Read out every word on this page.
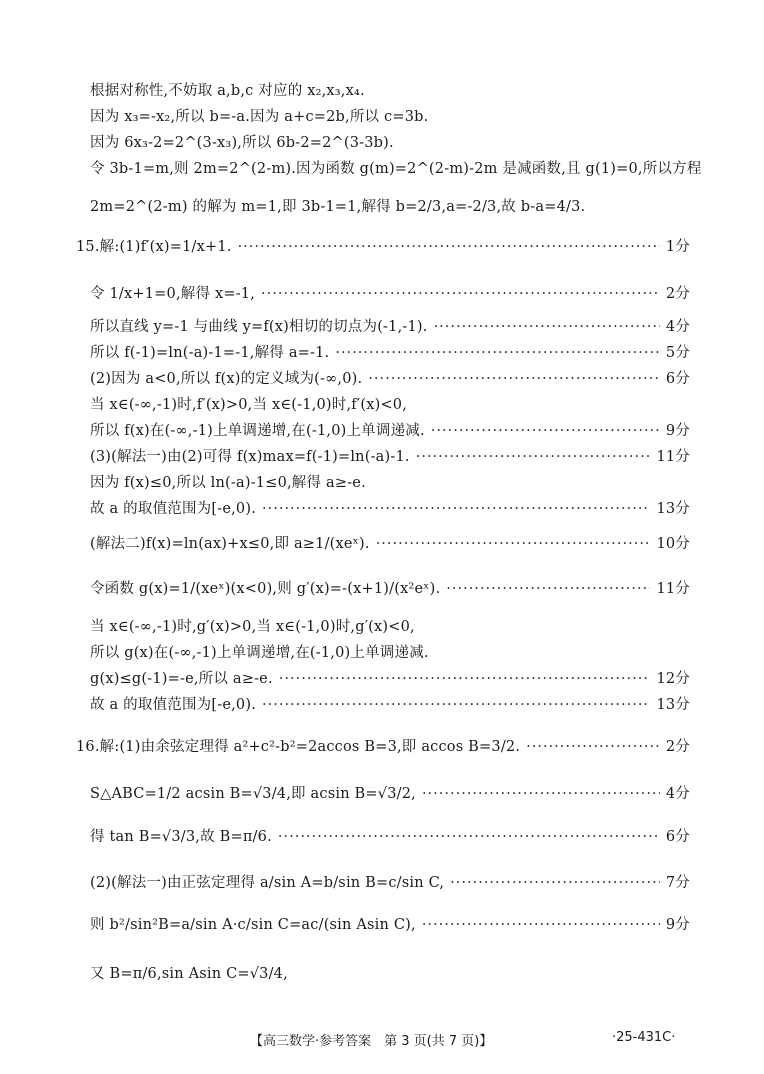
根据对称性,不妨取 a,b,c 对应的 x₂,x₃,x₄.
因为 x₃=-x₂,所以 b=-a.因为 a+c=2b,所以 c=3b.
因为 6x₃-2=2^(3-x₃),所以 6b-2=2^(3-3b).
令 3b-1=m,则 2m=2^(2-m).因为函数 g(m)=2^(2-m)-2m 是减函数,且 g(1)=0,所以方程
2m=2^(2-m) 的解为 m=1,即 3b-1=1,解得 b=2/3,a=-2/3,故 b-a=4/3.
15.解:(1)f′(x)=1/x+1. ·····	1分
令 1/x+1=0,解得 x=-1, ·····	2分
所以直线 y=-1 与曲线 y=f(x)相切的切点为(-1,-1). ·····	4分
所以 f(-1)=ln(-a)-1=-1,解得 a=-1. ·····	5分
(2)因为 a<0,所以 f(x)的定义域为(-∞,0). ·····	6分
当 x∈(-∞,-1)时,f′(x)>0,当 x∈(-1,0)时,f′(x)<0,
所以 f(x)在(-∞,-1)上单调递增,在(-1,0)上单调递减. ·····	9分
(3)(解法一)由(2)可得 f(x)max=f(-1)=ln(-a)-1. ·····	11分
因为 f(x)≤0,所以 ln(-a)-1≤0,解得 a≥-e.
故 a 的取值范围为[-e,0). ·····	13分
(解法二)f(x)=ln(ax)+x≤0,即 a≥1/(xeˣ). ·····	10分
令函数 g(x)=1/(xeˣ)(x<0),则 g′(x)=-(x+1)/(x²eˣ). ·····	11分
当 x∈(-∞,-1)时,g′(x)>0,当 x∈(-1,0)时,g′(x)<0,
所以 g(x)在(-∞,-1)上单调递增,在(-1,0)上单调递减.
g(x)≤g(-1)=-e,所以 a≥-e. ·····	12分
故 a 的取值范围为[-e,0). ·····	13分
16.解:(1)由余弦定理得 a²+c²-b²=2accos B=3,即 accos B=3/2. ·····	2分
S△ABC=1/2 acsin B=√3/4,即 acsin B=√3/2, ·····	4分
得 tan B=√3/3,故 B=π/6. ·····	6分
(2)(解法一)由正弦定理得 a/sin A=b/sin B=c/sin C, ·····	7分
则 b²/sin²B=a/sin A·c/sin C=ac/(sin Asin C), ·····	9分
又 B=π/6,sin Asin C=√3/4,
【高三数学·参考答案　第 3 页(共 7 页)】	·25-431C·
